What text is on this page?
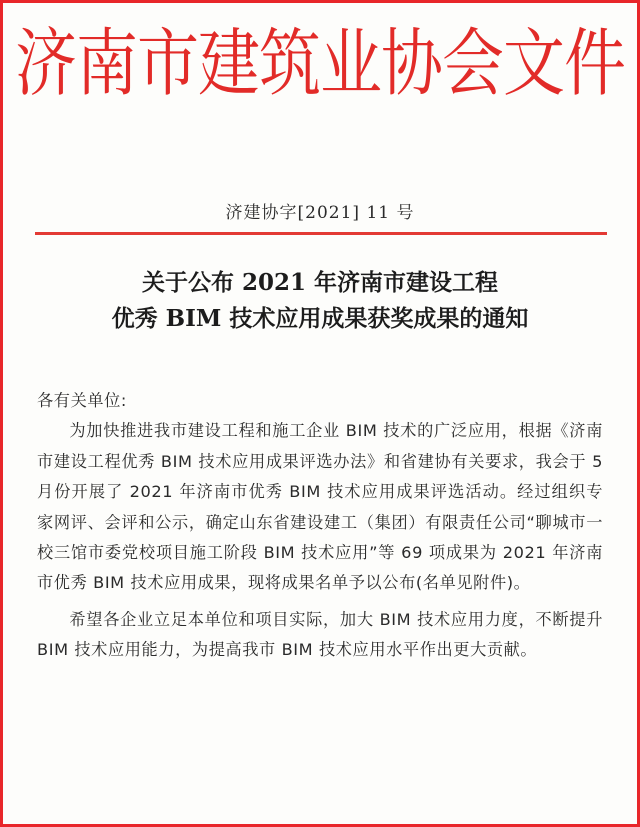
济南市建筑业协会文件
济建协字[2021] 11 号
关于公布 2021 年济南市建设工程
优秀 BIM 技术应用成果获奖成果的通知
各有关单位:
为加快推进我市建设工程和施工企业 BIM 技术的广泛应用，根据《济南市建设工程优秀 BIM 技术应用成果评选办法》和省建协有关要求，我会于 5 月份开展了 2021 年济南市优秀 BIM 技术应用成果评选活动。经过组织专家网评、会评和公示，确定山东省建设建工（集团）有限责任公司“聊城市一校三馆市委党校项目施工阶段 BIM 技术应用”等 69 项成果为 2021 年济南市优秀 BIM 技术应用成果，现将成果名单予以公布(名单见附件)。
希望各企业立足本单位和项目实际，加大 BIM 技术应用力度，不断提升 BIM 技术应用能力，为提高我市 BIM 技术应用水平作出更大贡献。
